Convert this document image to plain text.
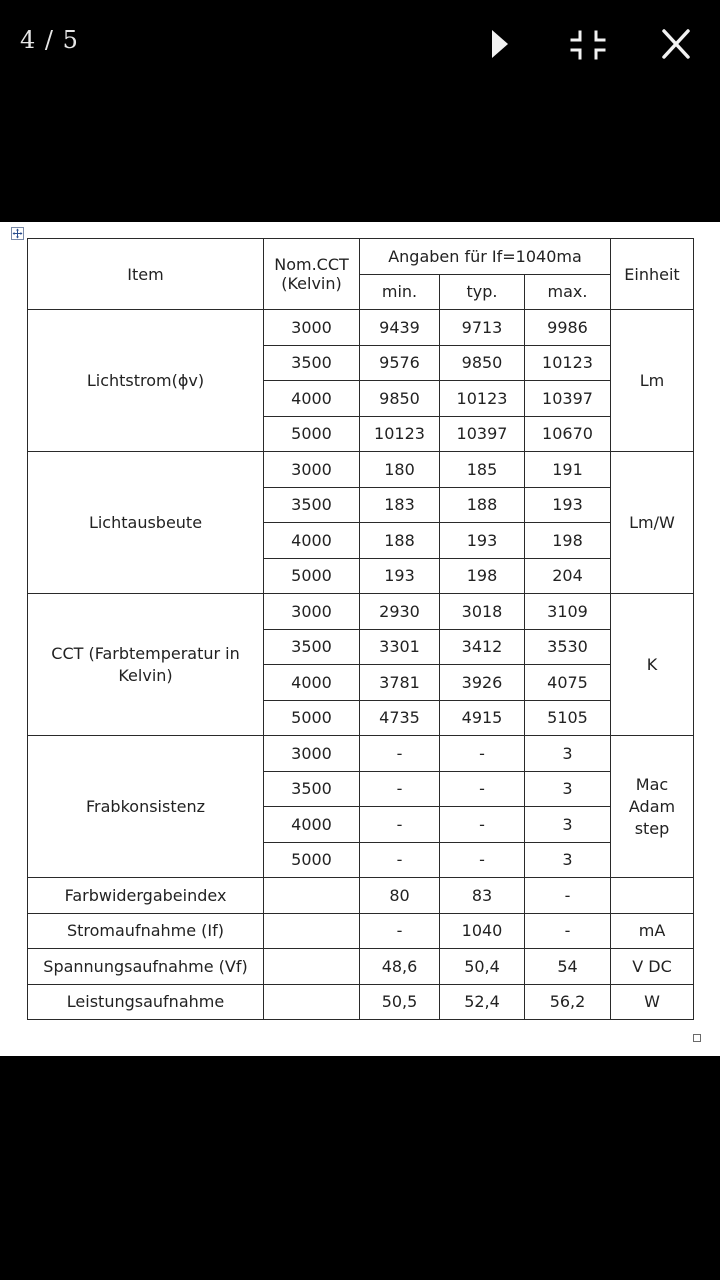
4 / 5
Item	Nom.CCT (Kelvin)	Angaben für If=1040ma			Einheit
		min.	typ.	max.	
Lichtstrom(ϕv)	3000	9439	9713	9986	Lm
	3500	9576	9850	10123	
	4000	9850	10123	10397	
	5000	10123	10397	10670	
Lichtausbeute	3000	180	185	191	Lm/W
	3500	183	188	193	
	4000	188	193	198	
	5000	193	198	204	
CCT (Farbtemperatur in Kelvin)	3000	2930	3018	3109	K
	3500	3301	3412	3530	
	4000	3781	3926	4075	
	5000	4735	4915	5105	
Frabkonsistenz	3000	-	-	3	Mac Adam step
	3500	-	-	3	
	4000	-	-	3	
	5000	-	-	3	
Farbwidergabeindex		80	83	-	
Stromaufnahme (If)		-	1040	-	mA
Spannungsaufnahme (Vf)		48,6	50,4	54	V DC
Leistungsaufnahme		50,5	52,4	56,2	W
